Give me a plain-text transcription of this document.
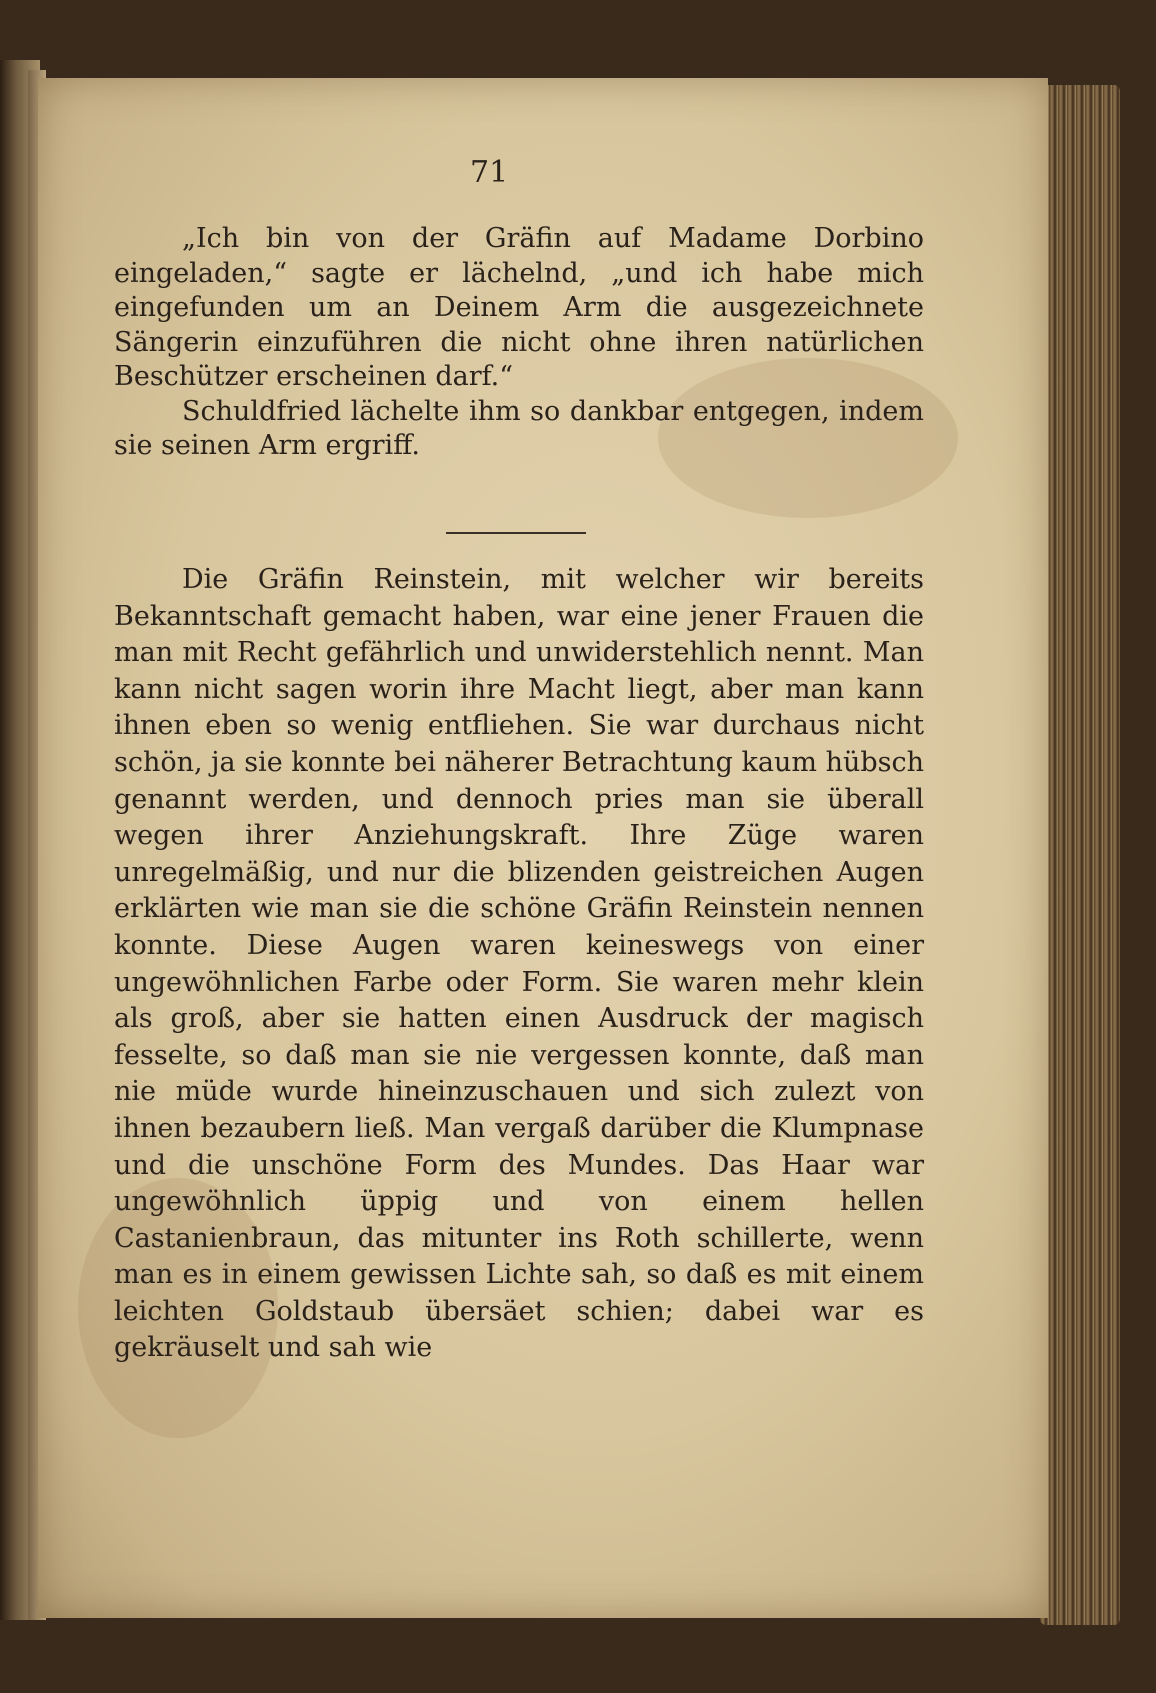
71

„Ich bin von der Gräfin auf Madame Dorbino eingeladen,“ sagte er lächelnd, „und ich habe mich eingefunden um an Deinem Arm die ausgezeichnete Sängerin einzuführen die nicht ohne ihren natürlichen Beschützer erscheinen darf.“

Schuldfried lächelte ihm so dankbar entgegen, indem sie seinen Arm ergriff.

Die Gräfin Reinstein, mit welcher wir bereits Bekanntschaft gemacht haben, war eine jener Frauen die man mit Recht gefährlich und unwiderstehlich nennt. Man kann nicht sagen worin ihre Macht liegt, aber man kann ihnen eben so wenig entfliehen. Sie war durchaus nicht schön, ja sie konnte bei näherer Betrachtung kaum hübsch genannt werden, und dennoch pries man sie überall wegen ihrer Anziehungskraft. Ihre Züge waren unregelmäßig, und nur die blizenden geistreichen Augen erklärten wie man sie die schöne Gräfin Reinstein nennen konnte. Diese Augen waren keineswegs von einer ungewöhnlichen Farbe oder Form. Sie waren mehr klein als groß, aber sie hatten einen Ausdruck der magisch fesselte, so daß man sie nie vergessen konnte, daß man nie müde wurde hineinzuschauen und sich zulezt von ihnen bezaubern ließ. Man vergaß darüber die Klumpnase und die unschöne Form des Mundes. Das Haar war ungewöhnlich üppig und von einem hellen Castanienbraun, das mitunter ins Roth schillerte, wenn man es in einem gewissen Lichte sah, so daß es mit einem leichten Goldstaub übersäet schien; dabei war es gekräuselt und sah wie
